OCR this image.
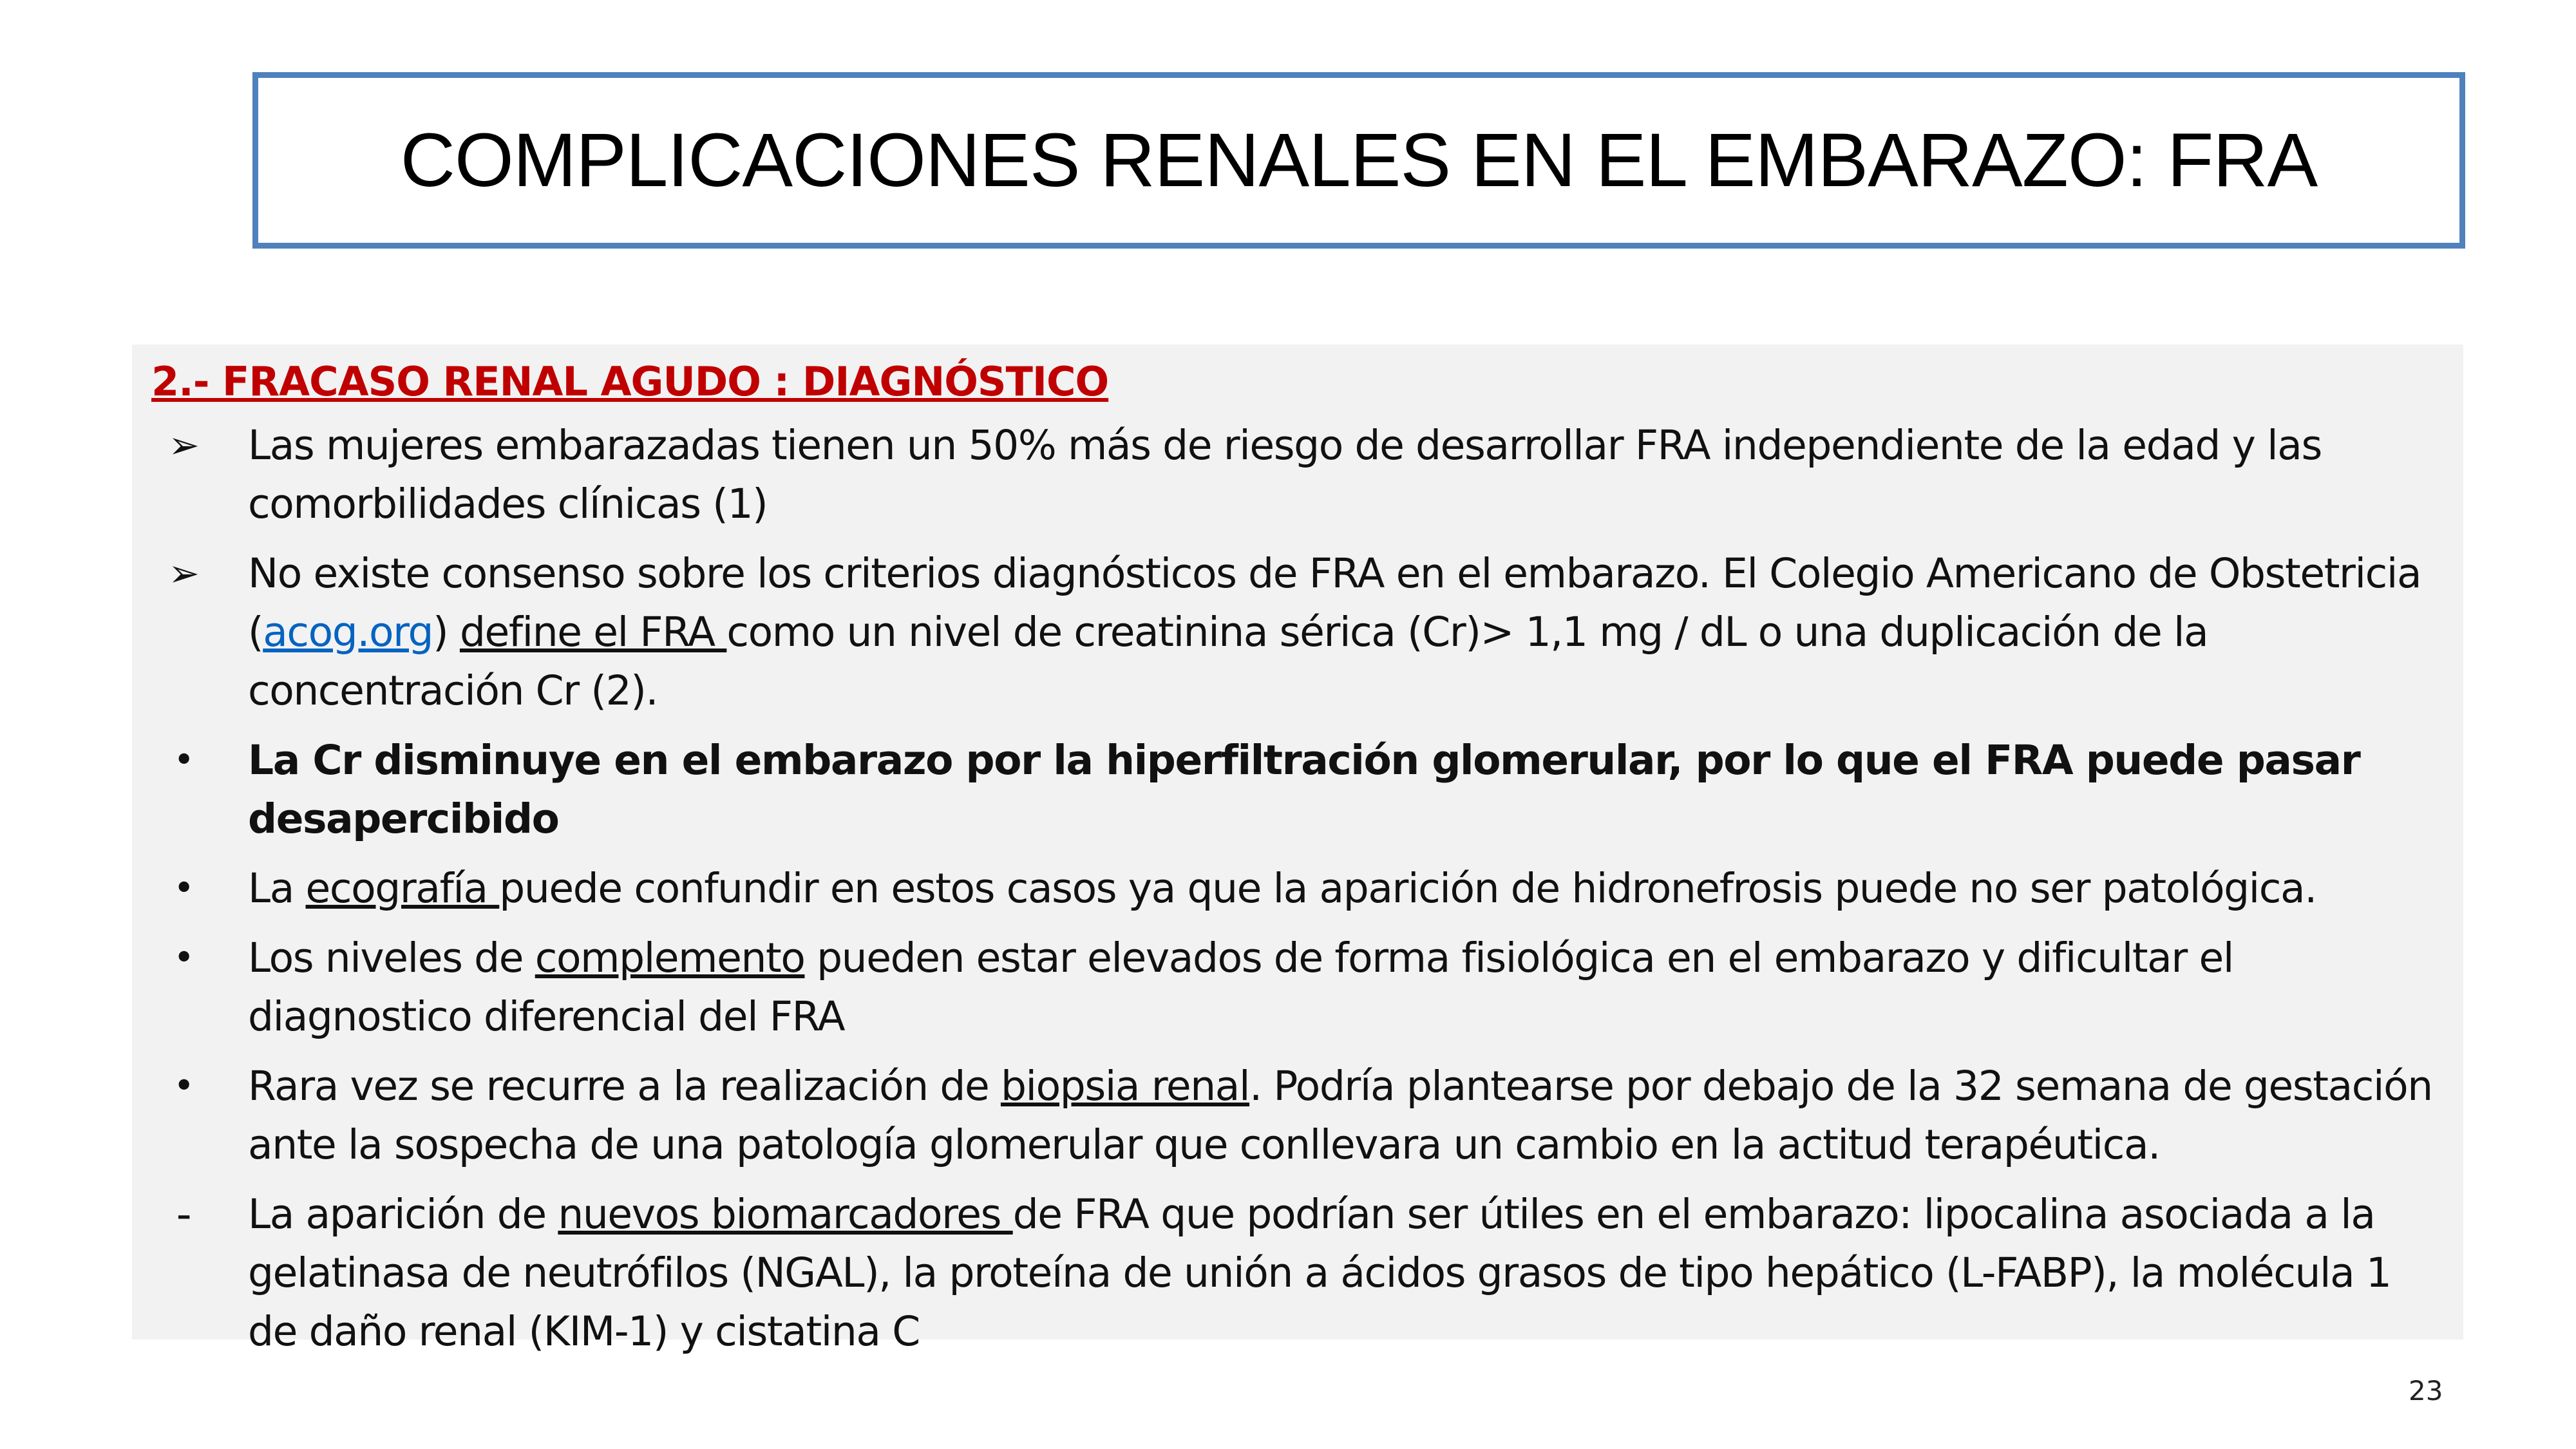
COMPLICACIONES RENALES EN EL EMBARAZO: FRA
2.- FRACASO RENAL AGUDO : DIAGNÓSTICO
➢	Las mujeres embarazadas tienen un 50% más de riesgo de desarrollar FRA independiente de la edad y las comorbilidades clínicas (1)
➢	No existe consenso sobre los criterios diagnósticos de FRA en el embarazo. El Colegio Americano de Obstetricia (acog.org) define el FRA como un nivel de creatinina sérica (Cr)> 1,1 mg / dL o una duplicación de la concentración Cr (2).
•	La Cr disminuye en el embarazo por la hiperfiltración glomerular, por lo que el FRA puede pasar desapercibido
•	La ecografía puede confundir en estos casos ya que la aparición de hidronefrosis puede no ser patológica.
•	Los niveles de complemento pueden estar elevados de forma fisiológica en el embarazo y dificultar el diagnostico diferencial del FRA
•	Rara vez se recurre a la realización de biopsia renal. Podría plantearse por debajo de la 32 semana de gestación ante la sospecha de una patología glomerular que conllevara un cambio en la actitud terapéutica.
-	La aparición de nuevos biomarcadores de FRA que podrían ser útiles en el embarazo: lipocalina asociada a la gelatinasa de neutrófilos (NGAL), la proteína de unión a ácidos grasos de tipo hepático (L-FABP), la molécula 1 de daño renal (KIM-1) y cistatina C
23
